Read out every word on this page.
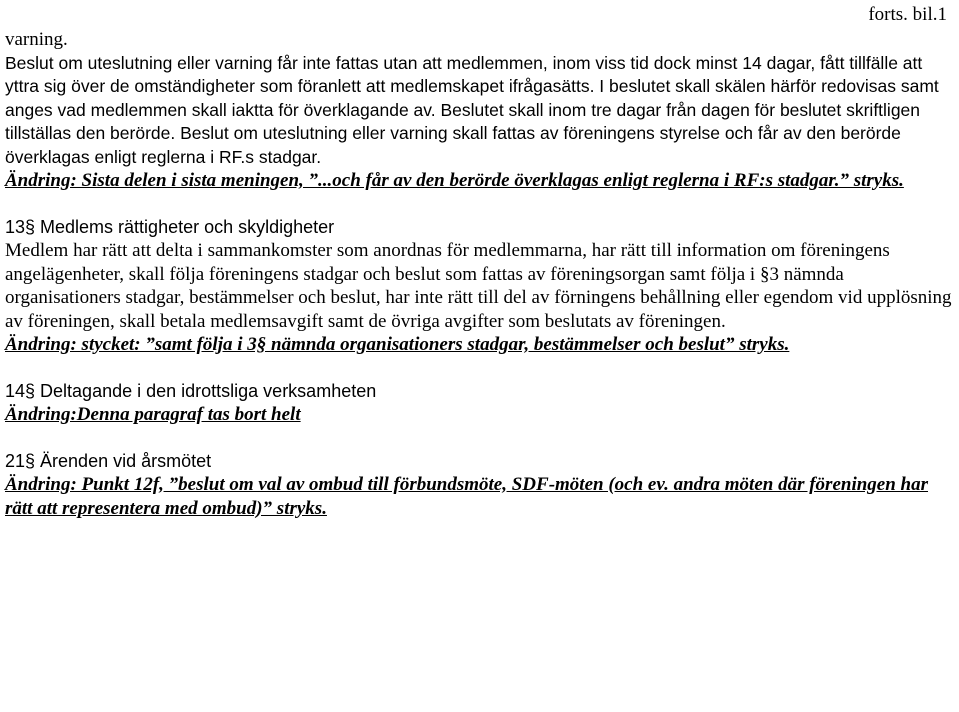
forts. bil.1

varning.

Beslut om uteslutning eller varning får inte fattas utan att medlemmen, inom viss tid dock minst 14 dagar, fått tillfälle att yttra sig över de omständigheter som föranlett att medlemskapet ifrågasätts. I beslutet skall skälen härför redovisas samt anges vad medlemmen skall iaktta för överklagande av. Beslutet skall inom tre dagar från dagen för beslutet skriftligen tillställas den berörde. Beslut om uteslutning eller varning skall fattas av föreningens styrelse och får av den berörde överklagas enligt reglerna i RF.s stadgar.

Ändring: Sista delen i sista meningen, ”...och får av den berörde överklagas enligt reglerna i RF:s stadgar.” stryks.

13§ Medlems rättigheter och skyldigheter

Medlem har rätt att delta i sammankomster som anordnas för medlemmarna, har rätt till information om föreningens angelägenheter, skall följa föreningens stadgar och beslut som fattas av föreningsorgan samt följa i §3 nämnda organisationers stadgar, bestämmelser och beslut, har inte rätt till del av förningens behållning eller egendom vid upplösning av föreningen, skall betala medlemsavgift samt de övriga avgifter som beslutats av föreningen.

Ändring: stycket: ”samt följa i 3§ nämnda organisationers stadgar, bestämmelser och beslut” stryks.

14§ Deltagande i den idrottsliga verksamheten

Ändring:Denna paragraf tas bort helt

21§ Ärenden vid årsmötet

Ändring: Punkt 12f, ”beslut om val av ombud till förbundsmöte, SDF-möten (och ev. andra möten där föreningen har rätt att representera med ombud)” stryks.
